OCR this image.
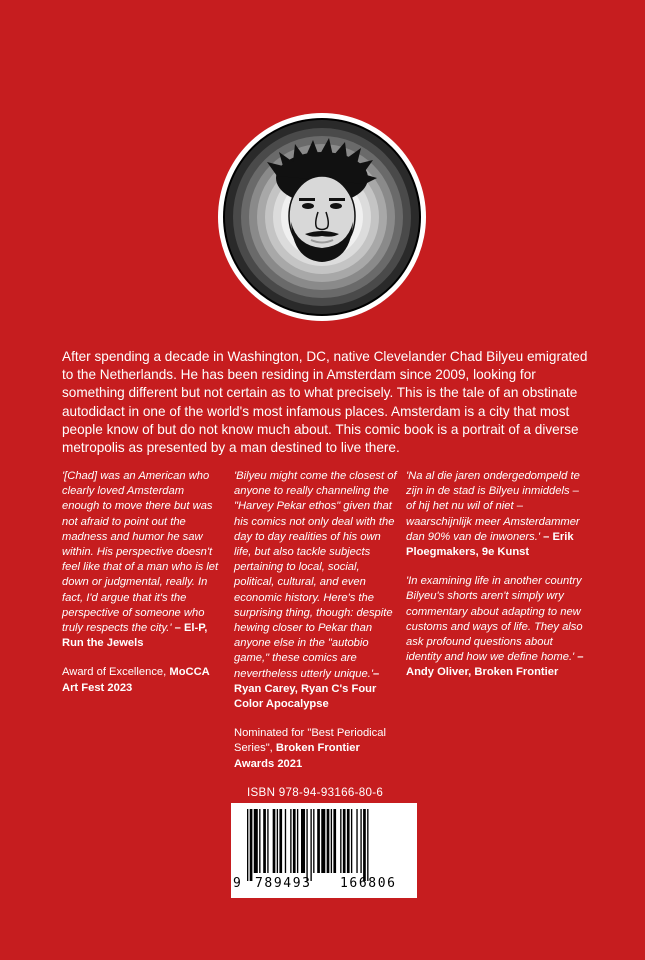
After spending a decade in Washington, DC, native Clevelander Chad Bilyeu emigrated to the Netherlands. He has been residing in Amsterdam since 2009, looking for something different but not certain as to what precisely. This is the tale of an obstinate autodidact in one of the world's most infamous places. Amsterdam is a city that most people know of but do not know much about. This comic book is a portrait of a diverse metropolis as presented by a man destined to live there.

'[Chad] was an American who clearly loved Amsterdam enough to move there but was not afraid to point out the madness and humor he saw within. His perspective doesn't feel like that of a man who is let down or judgmental, really. In fact, I'd argue that it's the perspective of someone who truly respects the city.' – El-P, Run the Jewels

Award of Excellence, MoCCA Art Fest 2023

'Bilyeu might come the closest of anyone to really channeling the "Harvey Pekar ethos" given that his comics not only deal with the day to day realities of his own life, but also tackle subjects pertaining to local, social, political, cultural, and even economic history. Here's the surprising thing, though: despite hewing closer to Pekar than anyone else in the "autobio game," these comics are nevertheless utterly unique.'– Ryan Carey, Ryan C's Four Color Apocalypse

Nominated for "Best Periodical Series", Broken Frontier Awards 2021

'Na al die jaren ondergedompeld te zijn in de stad is Bilyeu inmiddels – of hij het nu wil of niet – waarschijnlijk meer Amsterdammer dan 90% van de inwoners.' – Erik Ploegmakers, 9e Kunst

'In examining life in another country Bilyeu's shorts aren't simply wry commentary about adapting to new customs and ways of life. They also ask profound questions about identity and how we define home.' – Andy Oliver, Broken Frontier

ISBN 978-94-93166-80-6
9 789493 166806
